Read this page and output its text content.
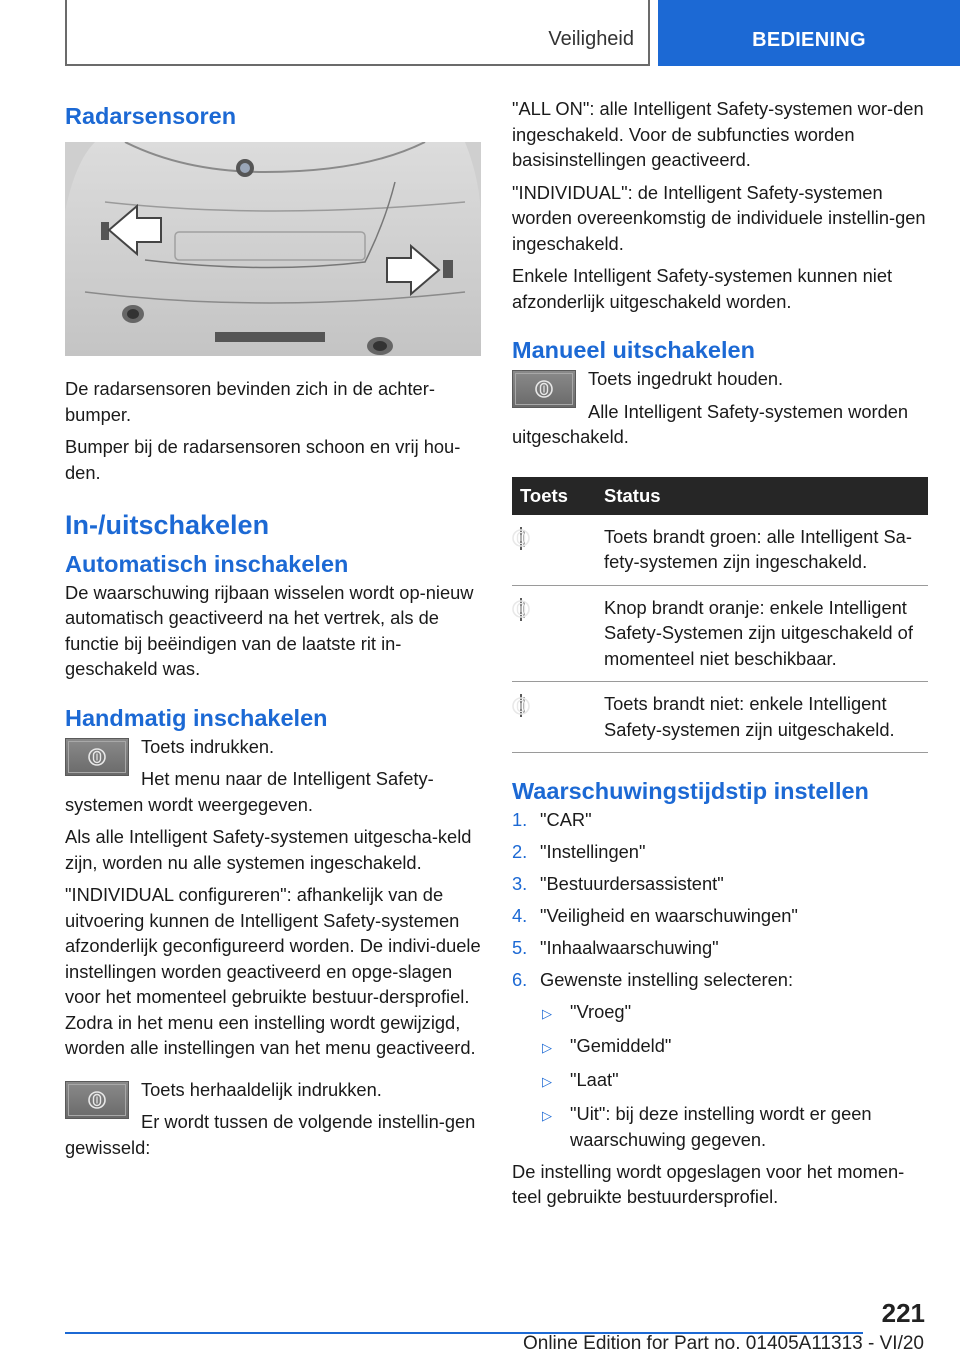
Veiligheid	BEDIENING
Radarsensoren

De radarsensoren bevinden zich in de achter-bumper.

Bumper bij de radarsensoren schoon en vrij hou-den.

In-/uitschakelen
Automatisch inschakelen

De waarschuwing rijbaan wisselen wordt op-nieuw automatisch geactiveerd na het vertrek, als de functie bij beëindigen van de laatste rit in-geschakeld was.

Handmatig inschakelen

Toets indrukken.

Het menu naar de Intelligent Safety-systemen wordt weergegeven.

Als alle Intelligent Safety-systemen uitgescha-keld zijn, worden nu alle systemen ingeschakeld.

"INDIVIDUAL configureren": afhankelijk van de uitvoering kunnen de Intelligent Safety-systemen afzonderlijk geconfigureerd worden. De indivi-duele instellingen worden geactiveerd en opge-slagen voor het momenteel gebruikte bestuur-dersprofiel. Zodra in het menu een instelling wordt gewijzigd, worden alle instellingen van het menu geactiveerd.

Toets herhaaldelijk indrukken.

Er wordt tussen de volgende instellin-gen gewisseld:

"ALL ON": alle Intelligent Safety-systemen wor-den ingeschakeld. Voor de subfuncties worden basisinstellingen geactiveerd.

"INDIVIDUAL": de Intelligent Safety-systemen worden overeenkomstig de individuele instellin-gen ingeschakeld.

Enkele Intelligent Safety-systemen kunnen niet afzonderlijk uitgeschakeld worden.

Manueel uitschakelen

Toets ingedrukt houden.

Alle Intelligent Safety-systemen worden uitgeschakeld.

Toets	Status

	Toets brandt groen: alle Intelligent Sa-fety-systemen zijn ingeschakeld.

	Knop brandt oranje: enkele Intelligent Safety-Systemen zijn uitgeschakeld of momenteel niet beschikbaar.

	Toets brandt niet: enkele Intelligent Safety-systemen zijn uitgeschakeld.
Waarschuwingstijdstip instellen
1. "CAR"
2. "Instellingen"
3. "Bestuurdersassistent"
4. "Veiligheid en waarschuwingen"
5. "Inhaalwaarschuwing"
6. Gewenste instelling selecteren:
▷ "Vroeg"
▷ "Gemiddeld"
▷ "Laat"
▷ "Uit": bij deze instelling wordt er geen waarschuwing gegeven.

De instelling wordt opgeslagen voor het momen-teel gebruikte bestuurdersprofiel.

221
Online Edition for Part no. 01405A11313 - VI/20
